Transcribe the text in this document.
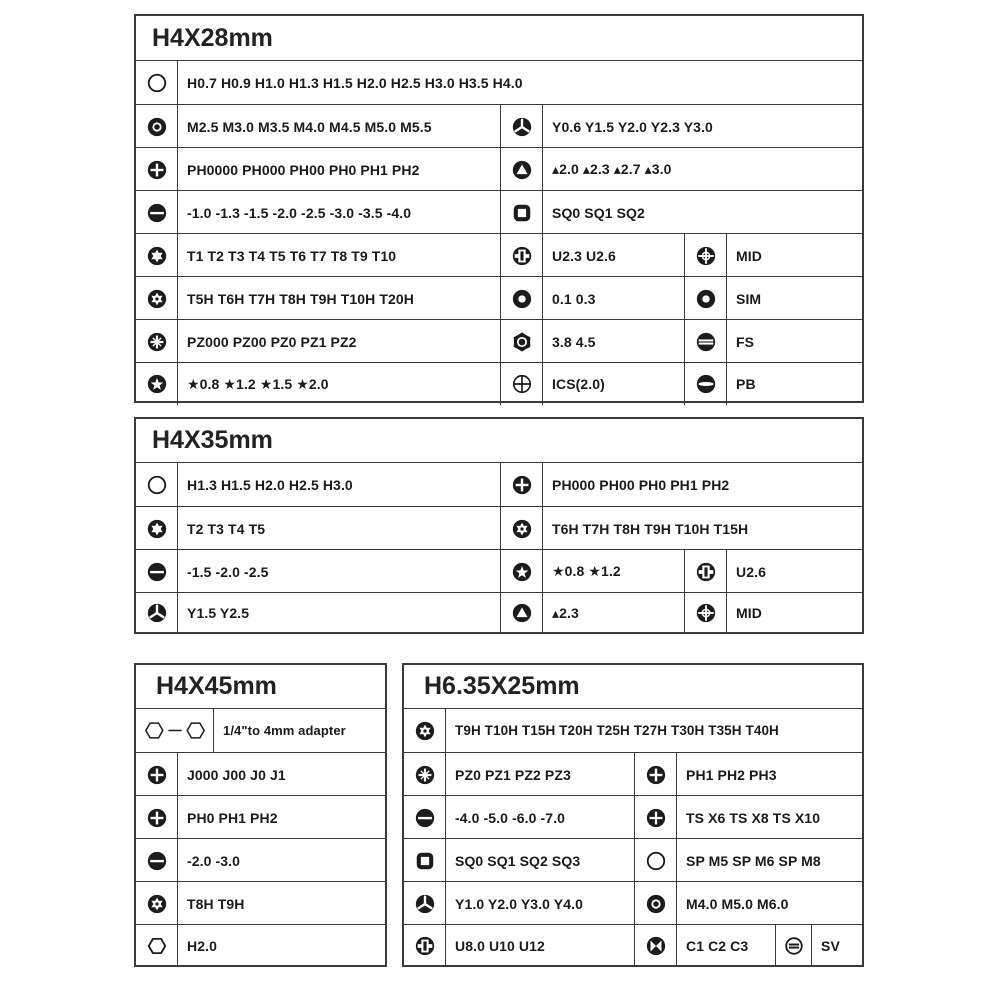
H4X28mm
H0.7 H0.9 H1.0 H1.3 H1.5 H2.0 H2.5 H3.0 H3.5 H4.0
M2.5 M3.0 M3.5 M4.0 M4.5 M5.0 M5.5	Y0.6 Y1.5 Y2.0 Y2.3 Y3.0
PH0000 PH000 PH00 PH0 PH1 PH2	▴2.0 ▴2.3 ▴2.7 ▴3.0
-1.0 -1.3 -1.5 -2.0 -2.5 -3.0 -3.5 -4.0	SQ0 SQ1 SQ2
T1 T2 T3 T4 T5 T6 T7 T8 T9 T10	U2.3 U2.6	MID
T5H T6H T7H T8H T9H T10H T20H	0.1 0.3	SIM
PZ000 PZ00 PZ0 PZ1 PZ2	3.8 4.5	FS
★0.8 ★1.2 ★1.5 ★2.0	ICS(2.0)	PB
H4X35mm
H1.3 H1.5 H2.0 H2.5 H3.0	PH000 PH00 PH0 PH1 PH2
T2 T3 T4 T5	T6H T7H T8H T9H T10H T15H
-1.5 -2.0 -2.5	★0.8 ★1.2	U2.6
Y1.5 Y2.5	▴2.3	MID
H4X45mm
1/4"to 4mm adapter
J000 J00 J0 J1
PH0 PH1 PH2
-2.0 -3.0
T8H T9H
H2.0
H6.35X25mm
T9H T10H T15H T20H T25H T27H T30H T35H T40H
PZ0 PZ1 PZ2 PZ3	PH1 PH2 PH3
-4.0 -5.0 -6.0 -7.0	TS X6 TS X8 TS X10
SQ0 SQ1 SQ2 SQ3	SP M5 SP M6 SP M8
Y1.0 Y2.0 Y3.0 Y4.0	M4.0 M5.0 M6.0
U8.0 U10 U12	C1 C2 C3	SV
